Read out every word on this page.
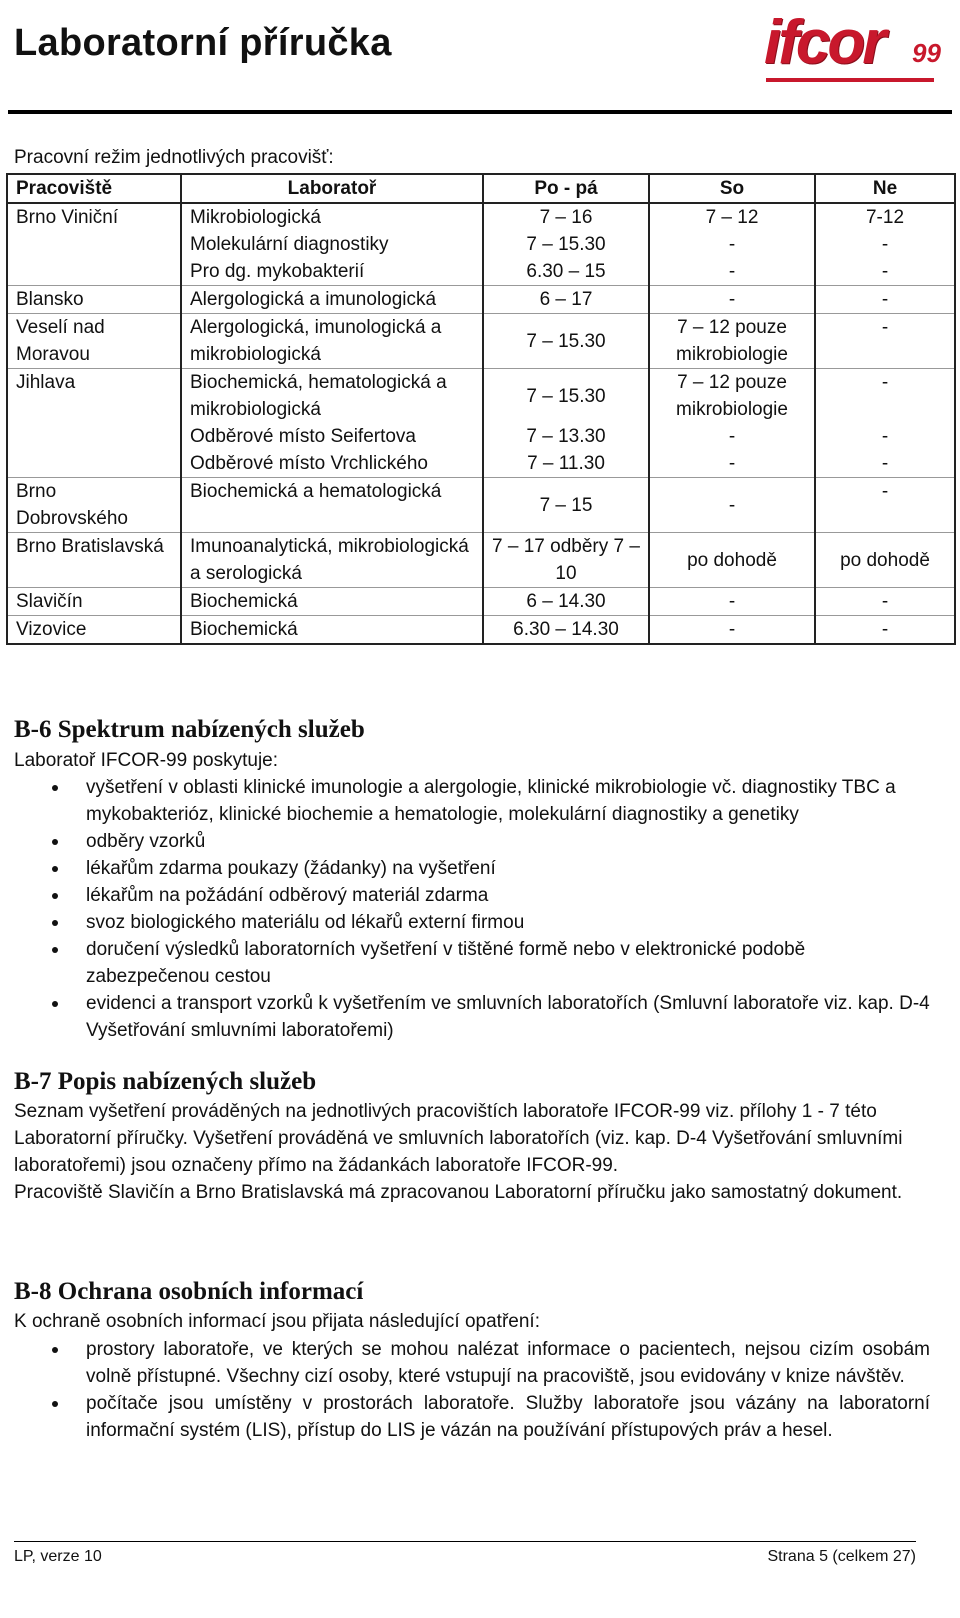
Laboratorní příručka	ifcor 99
Pracovní režim jednotlivých pracovišť:
Pracoviště	Laboratoř	Po - pá	So	Ne
Brno Viniční	Mikrobiologická	7 – 16	7 – 12	7-12
	Molekulární diagnostiky	7 – 15.30	-	-
	Pro dg. mykobakterií	6.30 – 15	-	-
Blansko	Alergologická a imunologická	6 – 17	-	-
Veselí nad Moravou	Alergologická, imunologická a mikrobiologická	7 – 15.30	7 – 12 pouze mikrobiologie	-
Jihlava	Biochemická, hematologická a mikrobiologická	7 – 15.30	7 – 12 pouze mikrobiologie	-
	Odběrové místo Seifertova	7 – 13.30	-	-
	Odběrové místo Vrchlického	7 – 11.30	-	-
Brno Dobrovského	Biochemická a hematologická	7 – 15	-	-
Brno Bratislavská	Imunoanalytická, mikrobiologická a serologická	7 – 17 odběry 7 – 10	po dohodě	po dohodě
Slavičín	Biochemická	6 – 14.30	-	-
Vizovice	Biochemická	6.30 – 14.30	-	-
B-6 Spektrum nabízených služeb
Laboratoř IFCOR-99 poskytuje:
vyšetření v oblasti klinické imunologie a alergologie, klinické mikrobiologie vč. diagnostiky TBC a mykobakterióz, klinické biochemie a hematologie, molekulární diagnostiky a genetiky
odběry vzorků
lékařům zdarma poukazy (žádanky) na vyšetření
lékařům na požádání odběrový materiál zdarma
svoz biologického materiálu od lékařů externí firmou
doručení výsledků laboratorních vyšetření v tištěné formě nebo v elektronické podobě zabezpečenou cestou
evidenci a transport vzorků k vyšetřením ve smluvních laboratořích (Smluvní laboratoře viz. kap. D-4 Vyšetřování smluvními laboratořemi)
B-7 Popis nabízených služeb
Seznam vyšetření prováděných na jednotlivých pracovištích laboratoře IFCOR-99 viz. přílohy 1 - 7 této Laboratorní příručky. Vyšetření prováděná ve smluvních laboratořích (viz. kap. D-4 Vyšetřování smluvními laboratořemi) jsou označeny přímo na žádankách laboratoře IFCOR-99.
Pracoviště Slavičín a Brno Bratislavská má zpracovanou Laboratorní příručku jako samostatný dokument.
B-8 Ochrana osobních informací
K ochraně osobních informací jsou přijata následující opatření:
prostory laboratoře, ve kterých se mohou nalézat informace o pacientech, nejsou cizím osobám volně přístupné. Všechny cizí osoby, které vstupují na pracoviště, jsou evidovány v knize návštěv.
počítače jsou umístěny v prostorách laboratoře. Služby laboratoře jsou vázány na laboratorní informační systém (LIS), přístup do LIS je vázán na používání přístupových práv a hesel.
LP, verze 10	Strana 5 (celkem 27)
